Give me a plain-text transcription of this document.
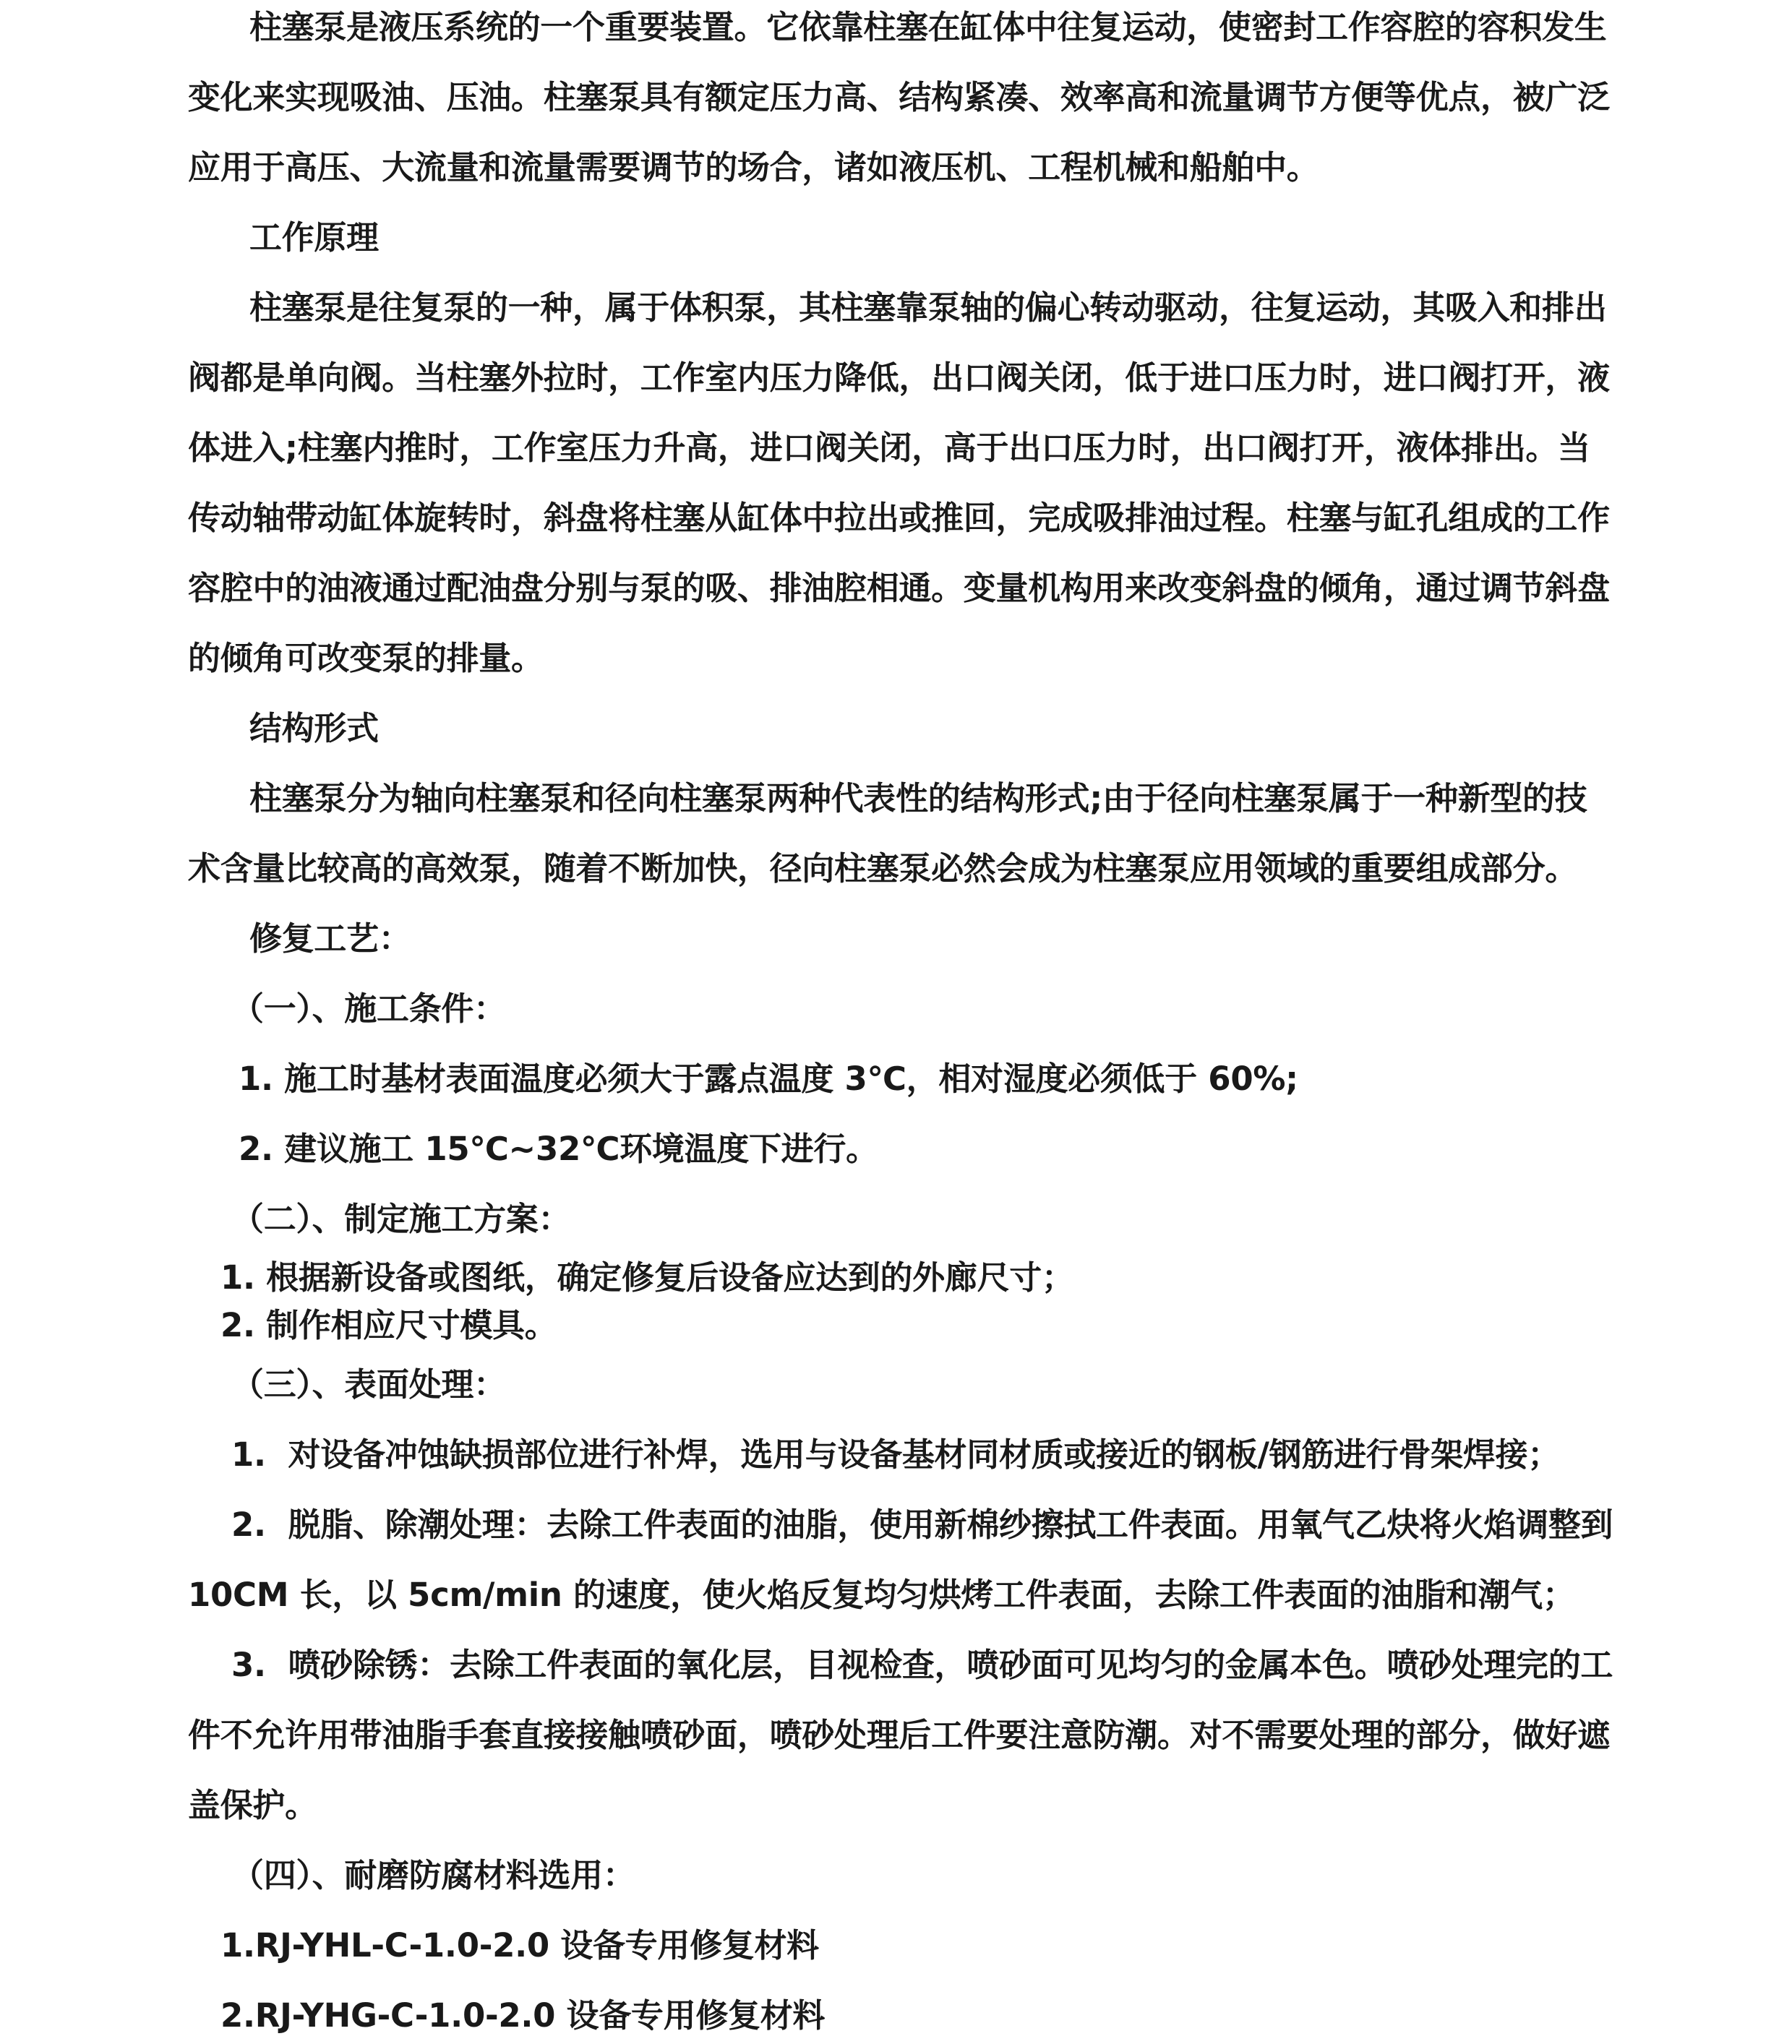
柱塞泵是液压系统的一个重要装置。它依靠柱塞在缸体中往复运动，使密封工作容腔的容积发生
变化来实现吸油、压油。柱塞泵具有额定压力高、结构紧凑、效率高和流量调节方便等优点，被广泛
应用于高压、大流量和流量需要调节的场合，诸如液压机、工程机械和船舶中。
工作原理
柱塞泵是往复泵的一种，属于体积泵，其柱塞靠泵轴的偏心转动驱动，往复运动，其吸入和排出
阀都是单向阀。当柱塞外拉时，工作室内压力降低，出口阀关闭，低于进口压力时，进口阀打开，液
体进入;柱塞内推时，工作室压力升高，进口阀关闭，高于出口压力时，出口阀打开，液体排出。当
传动轴带动缸体旋转时，斜盘将柱塞从缸体中拉出或推回，完成吸排油过程。柱塞与缸孔组成的工作
容腔中的油液通过配油盘分别与泵的吸、排油腔相通。变量机构用来改变斜盘的倾角，通过调节斜盘
的倾角可改变泵的排量。
结构形式
柱塞泵分为轴向柱塞泵和径向柱塞泵两种代表性的结构形式;由于径向柱塞泵属于一种新型的技
术含量比较高的高效泵，随着不断加快，径向柱塞泵必然会成为柱塞泵应用领域的重要组成部分。
修复工艺：
（一）、施工条件：
1. 施工时基材表面温度必须大于露点温度 3℃，相对湿度必须低于 60%;
2. 建议施工 15℃~32℃环境温度下进行。
（二）、制定施工方案：
1. 根据新设备或图纸，确定修复后设备应达到的外廊尺寸；
2. 制作相应尺寸模具。
（三）、表面处理：
1.  对设备冲蚀缺损部位进行补焊，选用与设备基材同材质或接近的钢板/钢筋进行骨架焊接；
2.  脱脂、除潮处理：去除工件表面的油脂，使用新棉纱擦拭工件表面。用氧气乙炔将火焰调整到
10CM 长，以 5cm/min 的速度，使火焰反复均匀烘烤工件表面，去除工件表面的油脂和潮气；
3.  喷砂除锈：去除工件表面的氧化层，目视检查，喷砂面可见均匀的金属本色。喷砂处理完的工
件不允许用带油脂手套直接接触喷砂面，喷砂处理后工件要注意防潮。对不需要处理的部分，做好遮
盖保护。
（四）、耐磨防腐材料选用：
1.RJ-YHL-C-1.0-2.0 设备专用修复材料
2.RJ-YHG-C-1.0-2.0 设备专用修复材料
